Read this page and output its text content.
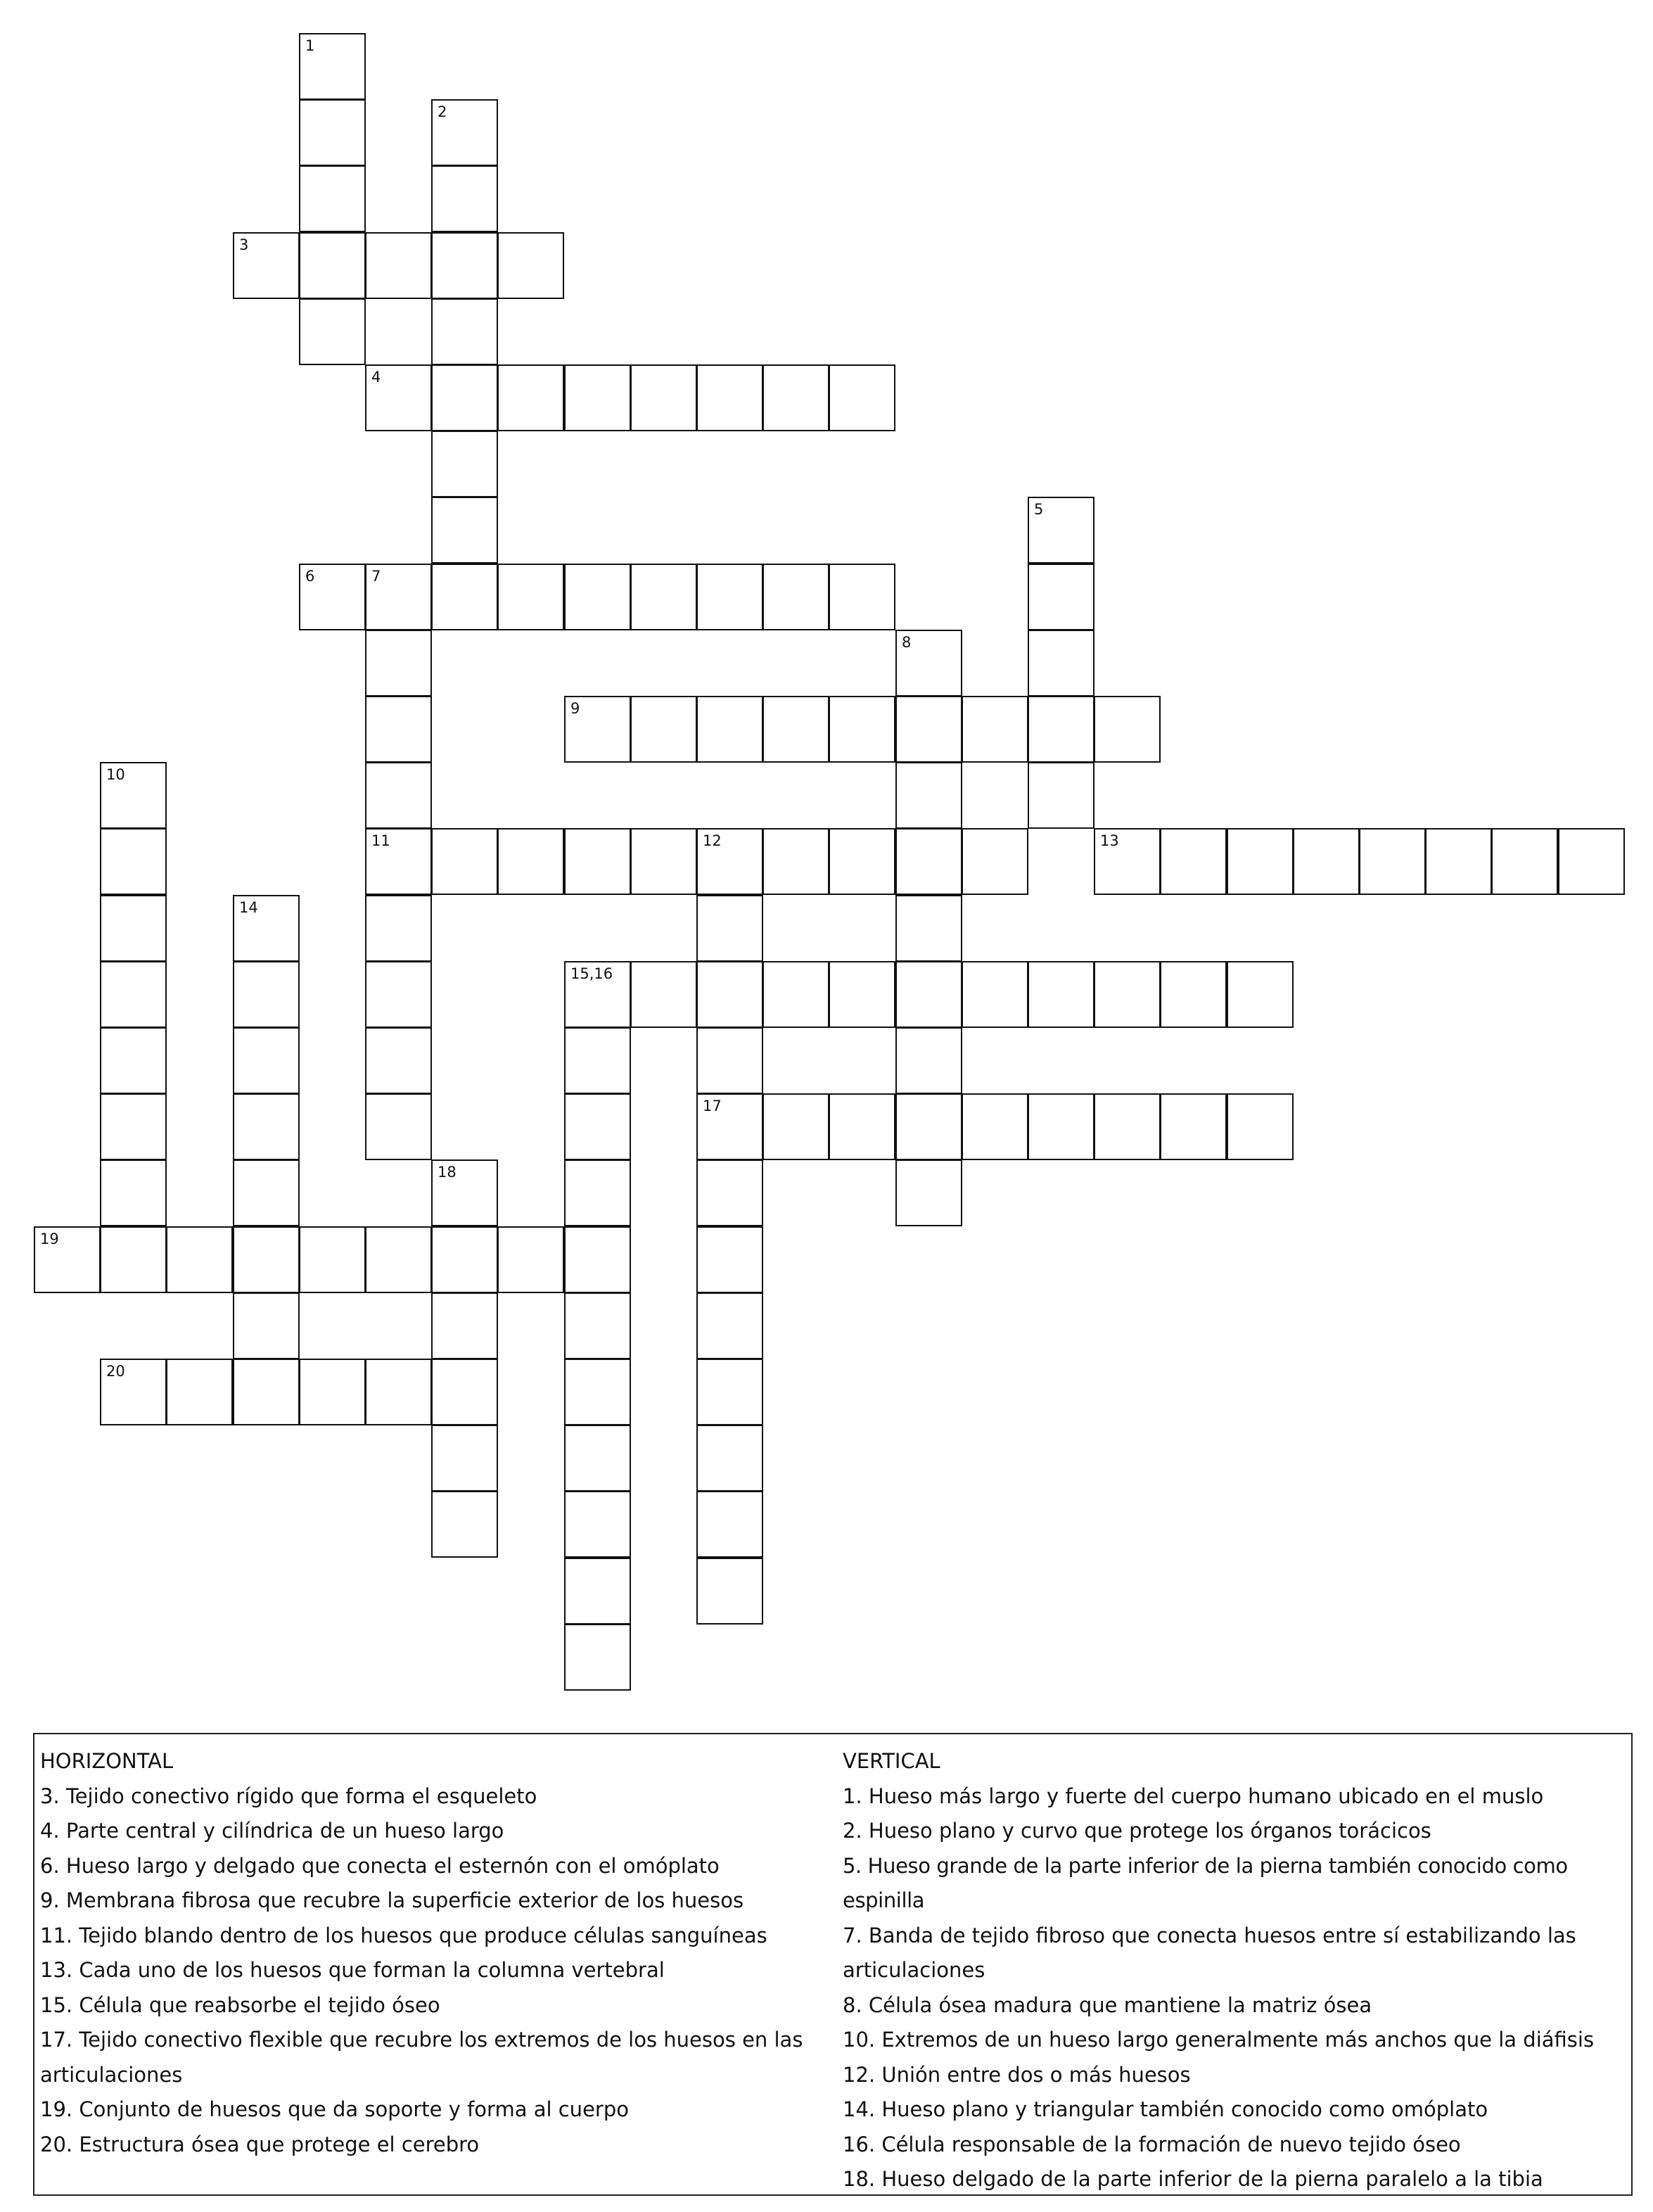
1
2
3
4
5
6	7
8
9
10
11	12	13
14
15,16
17
18
19
20
HORIZONTAL

3. Tejido conectivo rígido que forma el esqueleto

4. Parte central y cilíndrica de un hueso largo

6. Hueso largo y delgado que conecta el esternón con el omóplato

9. Membrana fibrosa que recubre la superficie exterior de los huesos

11. Tejido blando dentro de los huesos que produce células sanguíneas

13. Cada uno de los huesos que forman la columna vertebral

15. Célula que reabsorbe el tejido óseo

17. Tejido conectivo flexible que recubre los extremos de los huesos en las articulaciones

19. Conjunto de huesos que da soporte y forma al cuerpo

20. Estructura ósea que protege el cerebro

VERTICAL

1. Hueso más largo y fuerte del cuerpo humano ubicado en el muslo

2. Hueso plano y curvo que protege los órganos torácicos

5. Hueso grande de la parte inferior de la pierna también conocido como espinilla

7. Banda de tejido fibroso que conecta huesos entre sí estabilizando las articulaciones

8. Célula ósea madura que mantiene la matriz ósea

10. Extremos de un hueso largo generalmente más anchos que la diáfisis

12. Unión entre dos o más huesos

14. Hueso plano y triangular también conocido como omóplato

16. Célula responsable de la formación de nuevo tejido óseo

18. Hueso delgado de la parte inferior de la pierna paralelo a la tibia
